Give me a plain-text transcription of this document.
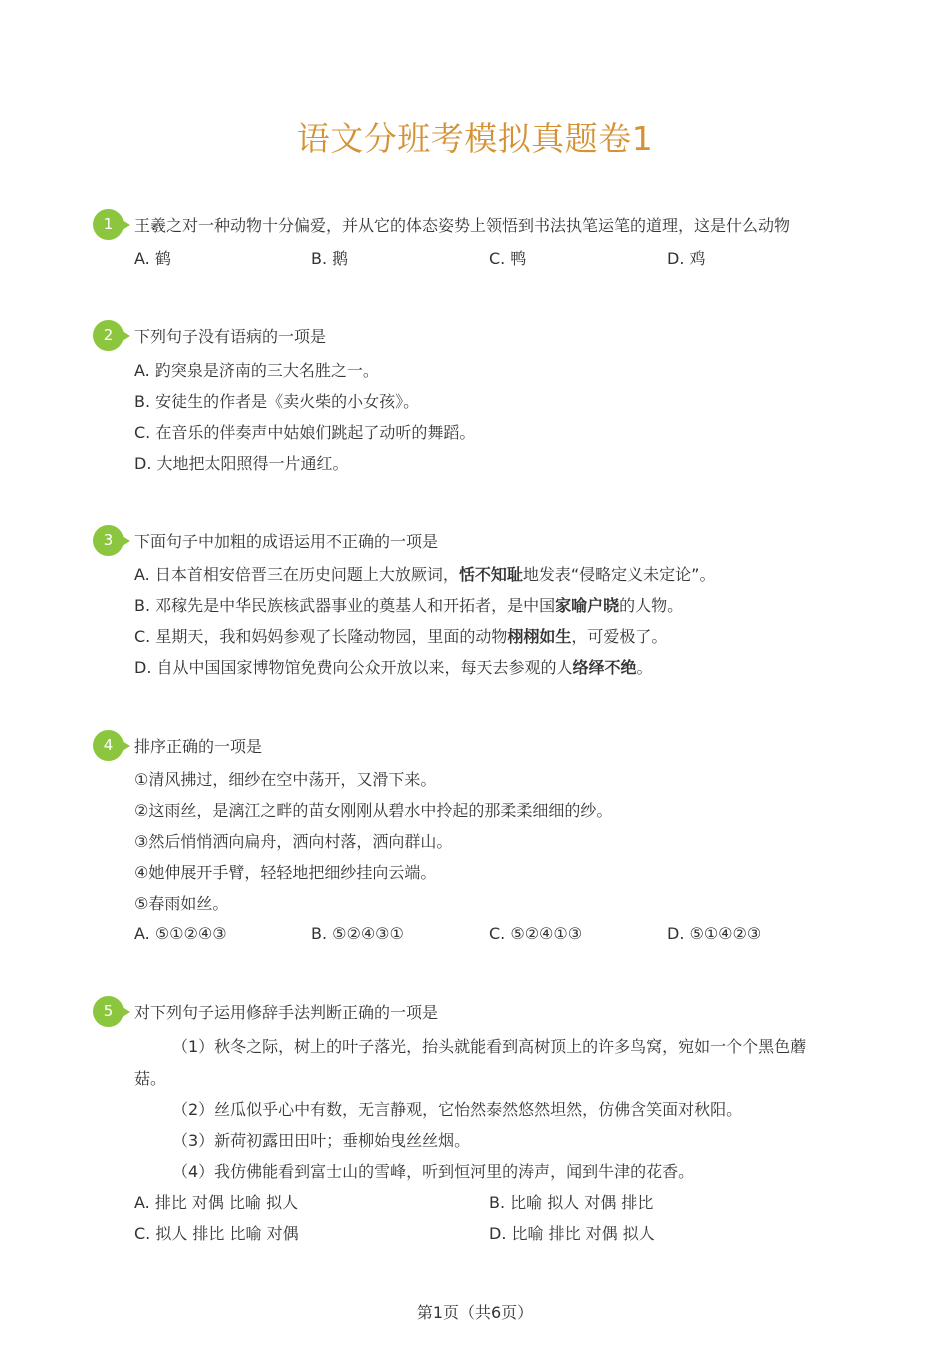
语文分班考模拟真题卷1
1	王羲之对一种动物十分偏爱，并从它的体态姿势上领悟到书法执笔运笔的道理，这是什么动物
A. 鹤	B. 鹅	C. 鸭	D. 鸡
2	下列句子没有语病的一项是
A. 趵突泉是济南的三大名胜之一。
B. 安徒生的作者是《卖火柴的小女孩》。
C. 在音乐的伴奏声中姑娘们跳起了动听的舞蹈。
D. 大地把太阳照得一片通红。
3	下面句子中加粗的成语运用不正确的一项是
A. 日本首相安倍晋三在历史问题上大放厥词，恬不知耻地发表“侵略定义未定论”。
B. 邓稼先是中华民族核武器事业的奠基人和开拓者，是中国家喻户晓的人物。
C. 星期天，我和妈妈参观了长隆动物园，里面的动物栩栩如生，可爱极了。
D. 自从中国国家博物馆免费向公众开放以来，每天去参观的人络绎不绝。
4	排序正确的一项是
①清风拂过，细纱在空中荡开，又滑下来。
②这雨丝，是漓江之畔的苗女刚刚从碧水中拎起的那柔柔细细的纱。
③然后悄悄洒向扁舟，洒向村落，洒向群山。
④她伸展开手臂，轻轻地把细纱挂向云端。
⑤春雨如丝。
A. ⑤①②④③	B. ⑤②④③①	C. ⑤②④①③	D. ⑤①④②③
5	对下列句子运用修辞手法判断正确的一项是
（1）秋冬之际，树上的叶子落光，抬头就能看到高树顶上的许多鸟窝，宛如一个个黑色蘑
菇。
（2）丝瓜似乎心中有数，无言静观，它怡然泰然悠然坦然，仿佛含笑面对秋阳。
（3）新荷初露田田叶；垂柳始曳丝丝烟。
（4）我仿佛能看到富士山的雪峰，听到恒河里的涛声，闻到牛津的花香。
A. 排比 对偶 比喻 拟人	B. 比喻 拟人 对偶 排比
C. 拟人 排比 比喻 对偶	D. 比喻 排比 对偶 拟人
第1页（共6页）
